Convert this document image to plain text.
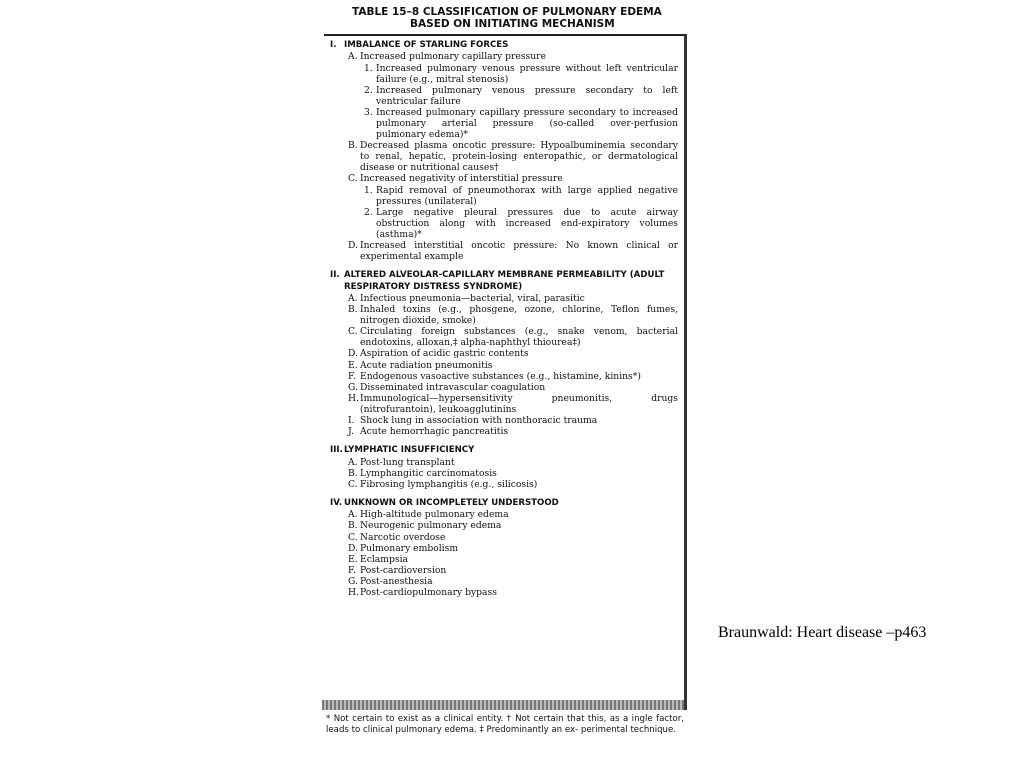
TABLE 15–8 CLASSIFICATION OF PULMONARY EDEMA
BASED ON INITIATING MECHANISM
I. IMBALANCE OF STARLING FORCES
A. Increased pulmonary capillary pressure
1. Increased pulmonary venous pressure without left ventricular failure (e.g., mitral stenosis)
2. Increased pulmonary venous pressure secondary to left ventricular failure
3. Increased pulmonary capillary pressure secondary to increased pulmonary arterial pressure (so-called over-perfusion pulmonary edema)*
B. Decreased plasma oncotic pressure: Hypoalbuminemia secondary to renal, hepatic, protein-losing enteropathic, or dermatological disease or nutritional causes†
C. Increased negativity of interstitial pressure
1. Rapid removal of pneumothorax with large applied negative pressures (unilateral)
2. Large negative pleural pressures due to acute airway obstruction along with increased end-expiratory volumes (asthma)*
D. Increased interstitial oncotic pressure: No known clinical or experimental example
II. ALTERED ALVEOLAR-CAPILLARY MEMBRANE PERMEABILITY (ADULT
RESPIRATORY DISTRESS SYNDROME)
A. Infectious pneumonia—bacterial, viral, parasitic
B. Inhaled toxins (e.g., phosgene, ozone, chlorine, Teflon fumes, nitrogen dioxide, smoke)
C. Circulating foreign substances (e.g., snake venom, bacterial endotoxins, alloxan,‡ alpha-naphthyl thiourea‡)
D. Aspiration of acidic gastric contents
E. Acute radiation pneumonitis
F. Endogenous vasoactive substances (e.g., histamine, kinins*)
G. Disseminated intravascular coagulation
H.Immunological—hypersensitivity pneumonitis, drugs (nitrofurantoin), leukoagglutinins
I. Shock lung in association with nonthoracic trauma
J. Acute hemorrhagic pancreatitis
III.LYMPHATIC INSUFFICIENCY
A. Post-lung transplant
B. Lymphangitic carcinomatosis
C. Fibrosing lymphangitis (e.g., silicosis)
IV. UNKNOWN OR INCOMPLETELY UNDERSTOOD
A. High-altitude pulmonary edema
B. Neurogenic pulmonary edema
C. Narcotic overdose
D. Pulmonary embolism
E. Eclampsia
F. Post-cardioversion
G. Post-anesthesia
H.Post-cardiopulmonary bypass
* Not certain to exist as a clinical entity. † Not certain that this, as a ingle factor, leads to clinical pulmonary edema. ‡ Predominantly an ex- perimental technique.
Braunwald: Heart disease –p463
